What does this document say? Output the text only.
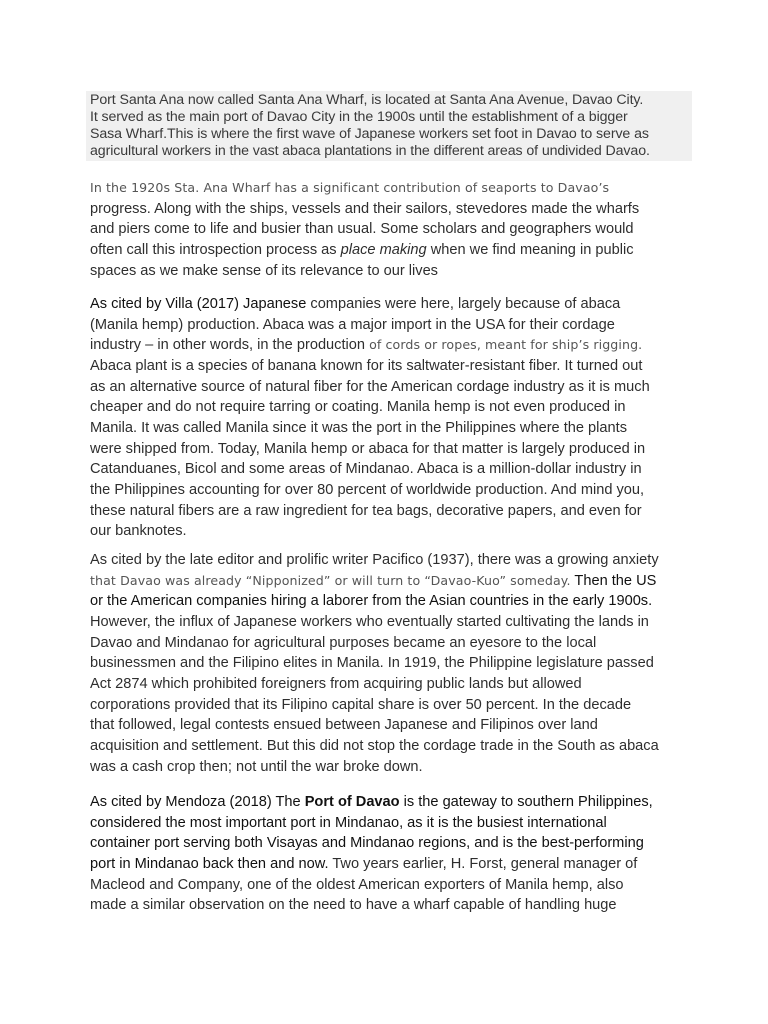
Port Santa Ana now called Santa Ana Wharf, is located at Santa Ana Avenue, Davao City.
It served as the main port of Davao City in the 1900s until the establishment of a bigger
Sasa Wharf.This is where the first wave of Japanese workers set foot in Davao to serve as
agricultural workers in the vast abaca plantations in the different areas of undivided Davao.
In the 1920s Sta. Ana Wharf has a significant contribution of seaports to Davao’s
progress. Along with the ships, vessels and their sailors, stevedores made the wharfs
and piers come to life and busier than usual. Some scholars and geographers would
often call this introspection process as place making when we find meaning in public
spaces as we make sense of its relevance to our lives
As cited by Villa (2017) Japanese companies were here, largely because of abaca
(Manila hemp) production. Abaca was a major import in the USA for their cordage
industry – in other words, in the production of cords or ropes, meant for ship’s rigging.
Abaca plant is a species of banana known for its saltwater-resistant fiber. It turned out
as an alternative source of natural fiber for the American cordage industry as it is much
cheaper and do not require tarring or coating. Manila hemp is not even produced in
Manila. It was called Manila since it was the port in the Philippines where the plants
were shipped from. Today, Manila hemp or abaca for that matter is largely produced in
Catanduanes, Bicol and some areas of Mindanao. Abaca is a million-dollar industry in
the Philippines accounting for over 80 percent of worldwide production. And mind you,
these natural fibers are a raw ingredient for tea bags, decorative papers, and even for
our banknotes.
As cited by the late editor and prolific writer Pacifico (1937), there was a growing anxiety
that Davao was already “Nipponized” or will turn to “Davao-Kuo” someday. Then the US
or the American companies hiring a laborer from the Asian countries in the early 1900s.
However, the influx of Japanese workers who eventually started cultivating the lands in
Davao and Mindanao for agricultural purposes became an eyesore to the local
businessmen and the Filipino elites in Manila. In 1919, the Philippine legislature passed
Act 2874 which prohibited foreigners from acquiring public lands but allowed
corporations provided that its Filipino capital share is over 50 percent. In the decade
that followed, legal contests ensued between Japanese and Filipinos over land
acquisition and settlement. But this did not stop the cordage trade in the South as abaca
was a cash crop then; not until the war broke down.
As cited by Mendoza (2018) The Port of Davao is the gateway to southern Philippines,
considered the most important port in Mindanao, as it is the busiest international
container port serving both Visayas and Mindanao regions, and is the best-performing
port in Mindanao back then and now. Two years earlier, H. Forst, general manager of
Macleod and Company, one of the oldest American exporters of Manila hemp, also
made a similar observation on the need to have a wharf capable of handling huge
